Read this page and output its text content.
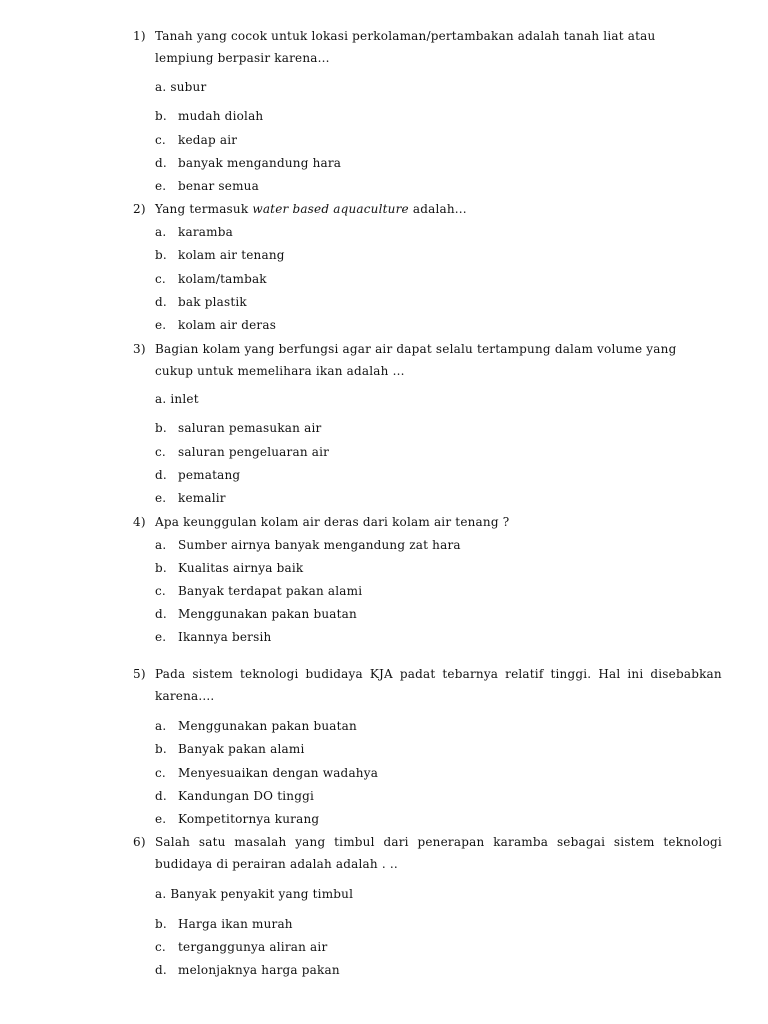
1) Tanah yang cocok untuk lokasi perkolaman/pertambakan adalah tanah liat atau
lempiung berpasir karena...
a. subur
b. mudah diolah
c. kedap air
d. banyak mengandung hara
e. benar semua
2) Yang termasuk water based aquaculture adalah...
a. karamba
b. kolam air tenang
c. kolam/tambak
d. bak plastik
e. kolam air deras
3) Bagian kolam yang berfungsi agar air dapat selalu tertampung dalam volume yang
cukup untuk memelihara ikan adalah ...
a. inlet
b. saluran pemasukan air
c. saluran pengeluaran air
d. pematang
e. kemalir
4) Apa keunggulan kolam air deras dari kolam air tenang ?
a. Sumber airnya banyak mengandung zat hara
b. Kualitas airnya baik
c. Banyak terdapat pakan alami
d. Menggunakan pakan buatan
e. Ikannya bersih
5) Pada sistem teknologi budidaya KJA padat tebarnya relatif tinggi. Hal ini disebabkan
karena....
a. Menggunakan pakan buatan
b. Banyak pakan alami
c. Menyesuaikan dengan wadahya
d. Kandungan DO tinggi
e. Kompetitornya kurang
6) Salah satu masalah yang timbul dari penerapan karamba sebagai sistem teknologi
budidaya di perairan adalah adalah . ..
a. Banyak penyakit yang timbul
b. Harga ikan murah
c. terganggunya aliran air
d. melonjaknya harga pakan
